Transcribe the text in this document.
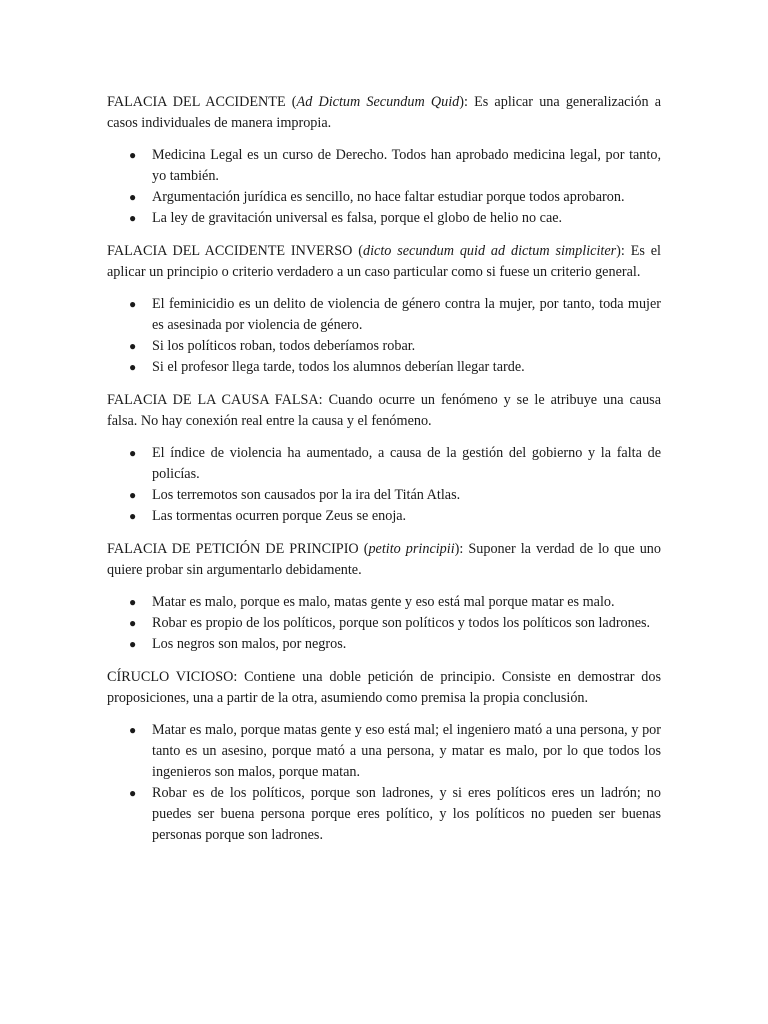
FALACIA DEL ACCIDENTE (Ad Dictum Secundum Quid): Es aplicar una generalización a casos individuales de manera impropia.

● Medicina Legal es un curso de Derecho. Todos han aprobado medicina legal, por tanto, yo también.
● Argumentación jurídica es sencillo, no hace faltar estudiar porque todos aprobaron.
● La ley de gravitación universal es falsa, porque el globo de helio no cae.

FALACIA DEL ACCIDENTE INVERSO (dicto secundum quid ad dictum simpliciter): Es el aplicar un principio o criterio verdadero a un caso particular como si fuese un criterio general.

● El feminicidio es un delito de violencia de género contra la mujer, por tanto, toda mujer es asesinada por violencia de género.
● Si los políticos roban, todos deberíamos robar.
● Si el profesor llega tarde, todos los alumnos deberían llegar tarde.

FALACIA DE LA CAUSA FALSA: Cuando ocurre un fenómeno y se le atribuye una causa falsa. No hay conexión real entre la causa y el fenómeno.

● El índice de violencia ha aumentado, a causa de la gestión del gobierno y la falta de policías.
● Los terremotos son causados por la ira del Titán Atlas.
● Las tormentas ocurren porque Zeus se enoja.

FALACIA DE PETICIÓN DE PRINCIPIO (petito principii): Suponer la verdad de lo que uno quiere probar sin argumentarlo debidamente.

● Matar es malo, porque es malo, matas gente y eso está mal porque matar es malo.
● Robar es propio de los políticos, porque son políticos y todos los políticos son ladrones.
● Los negros son malos, por negros.

CÍRUCLO VICIOSO: Contiene una doble petición de principio. Consiste en demostrar dos proposiciones, una a partir de la otra, asumiendo como premisa la propia conclusión.

● Matar es malo, porque matas gente y eso está mal; el ingeniero mató a una persona, y por tanto es un asesino, porque mató a una persona, y matar es malo, por lo que todos los ingenieros son malos, porque matan.
● Robar es de los políticos, porque son ladrones, y si eres políticos eres un ladrón; no puedes ser buena persona porque eres político, y los políticos no pueden ser buenas personas porque son ladrones.
